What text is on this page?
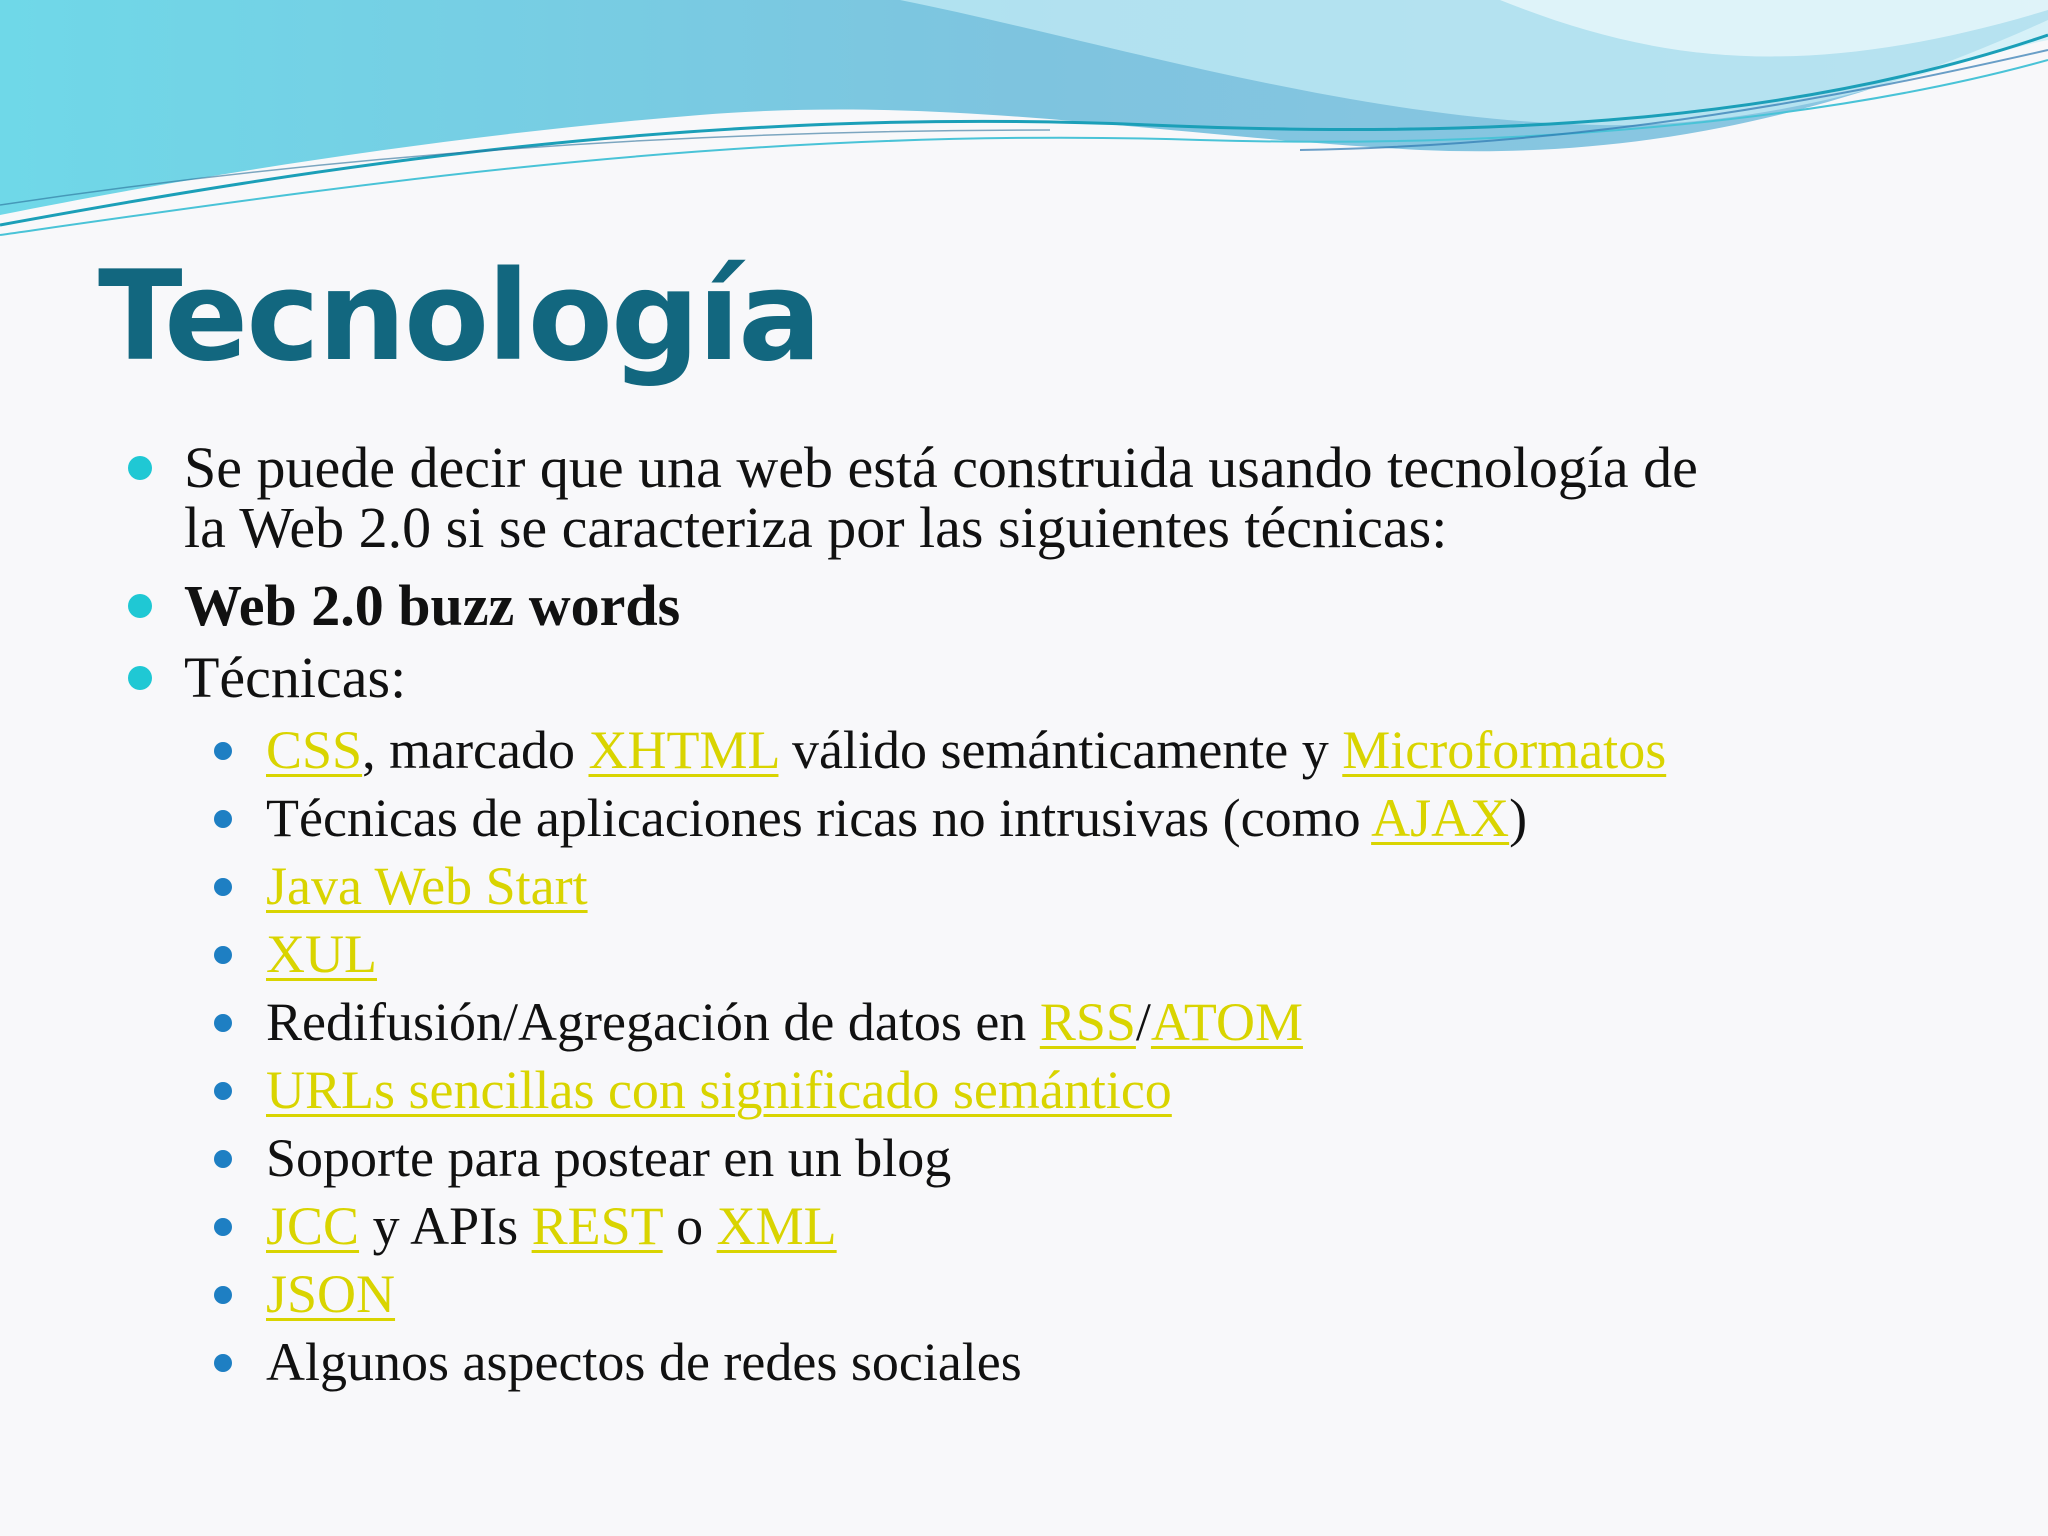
Tecnología
Se puede decir que una web está construida usando tecnología de
la Web 2.0 si se caracteriza por las siguientes técnicas:
Web 2.0 buzz words
Técnicas:
CSS, marcado XHTML válido semánticamente y Microformatos
Técnicas de aplicaciones ricas no intrusivas (como AJAX)
Java Web Start
XUL
Redifusión/Agregación de datos en RSS/ATOM
URLs sencillas con significado semántico
Soporte para postear en un blog
JCC y APIs REST o XML
JSON
Algunos aspectos de redes sociales
